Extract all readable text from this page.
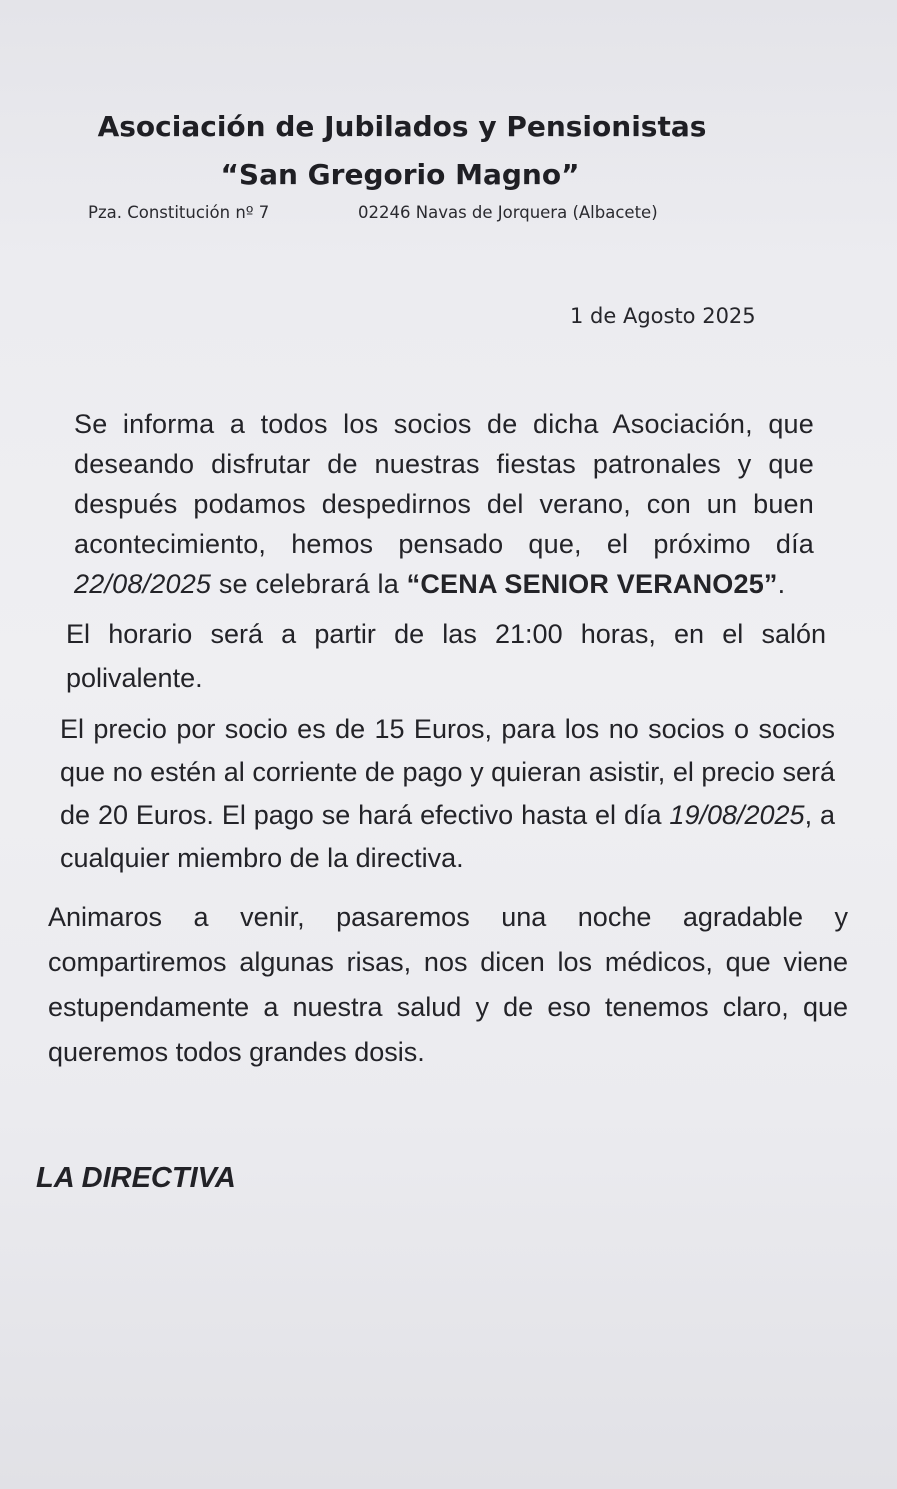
Asociación de Jubilados y Pensionistas
“San Gregorio Magno”
Pza. Constitución nº 7	02246 Navas de Jorquera (Albacete)
1 de Agosto 2025

Se informa a todos los socios de dicha Asociación, que deseando disfrutar de nuestras fiestas patronales y que después podamos despedirnos del verano, con un buen acontecimiento, hemos pensado que, el próximo día 22/08/2025 se celebrará la “CENA SENIOR VERANO25”.

El horario será a partir de las 21:00 horas, en el salón polivalente.

El precio por socio es de 15 Euros, para los no socios o socios que no estén al corriente de pago y quieran asistir, el precio será de 20 Euros. El pago se hará efectivo hasta el día 19/08/2025, a cualquier miembro de la directiva.

Animaros a venir, pasaremos una noche agradable y compartiremos algunas risas, nos dicen los médicos, que viene estupendamente a nuestra salud y de eso tenemos claro, que queremos todos grandes dosis.

LA DIRECTIVA
